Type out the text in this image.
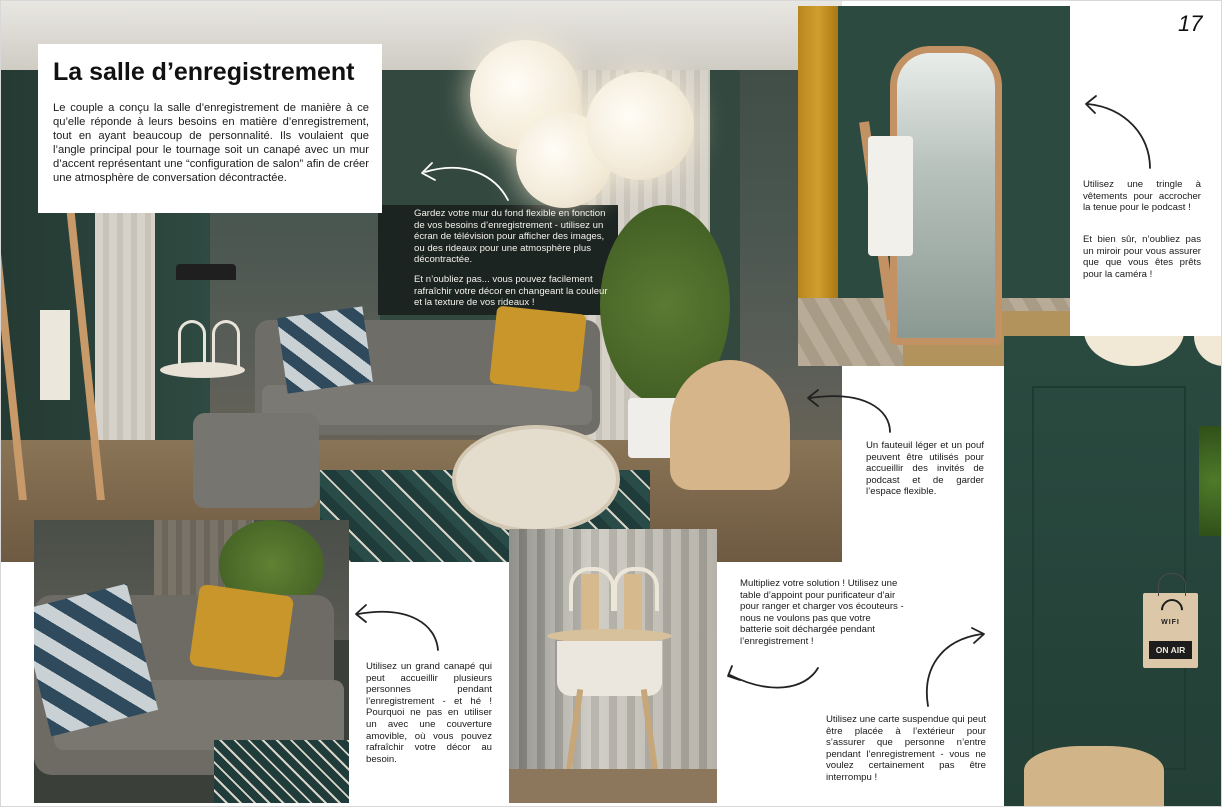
La salle d’enregistrement

Le couple a conçu la salle d’enregistrement de manière à ce qu’elle réponde à leurs besoins en matière d’enregistrement, tout en ayant beaucoup de personnalité. Ils voulaient que l’angle principal pour le tournage soit un canapé avec un mur d’accent représentant une “configuration de salon” afin de créer une atmosphère de conversation décontractée.

Gardez votre mur du fond flexible en fonction de vos besoins d’enregistrement - utilisez un écran de télévision pour afficher des images, ou des rideaux pour une atmosphère plus décontractée.

Et n’oubliez pas... vous pouvez facilement rafraîchir votre décor en changeant la couleur et la texture de vos rideaux !

Utilisez une tringle à vêtements pour accrocher la tenue pour le podcast !

Et bien sûr, n’oubliez pas un miroir pour vous assurer que que vous êtes prêts pour la caméra !

Un fauteuil léger et un pouf peuvent être utilisés pour accueillir des invités de podcast et de garder l’espace flexible.

Utilisez un grand canapé qui peut accueillir plusieurs personnes pendant l’enregistrement - et hé ! Pourquoi ne pas en utiliser un avec une couverture amovible, où vous pouvez rafraîchir votre décor au besoin.

Multipliez votre solution ! Utilisez une table d’appoint pour purificateur d’air pour ranger et charger vos écouteurs - nous ne voulons pas que votre batterie soit déchargée pendant l’enregistrement !

Utilisez une carte suspendue qui peut être placée à l’extérieur pour s’assurer que personne n’entre pendant l’enregistrement - vous ne voulez certainement pas être interrompu !

WIFI
ON AIR
17
